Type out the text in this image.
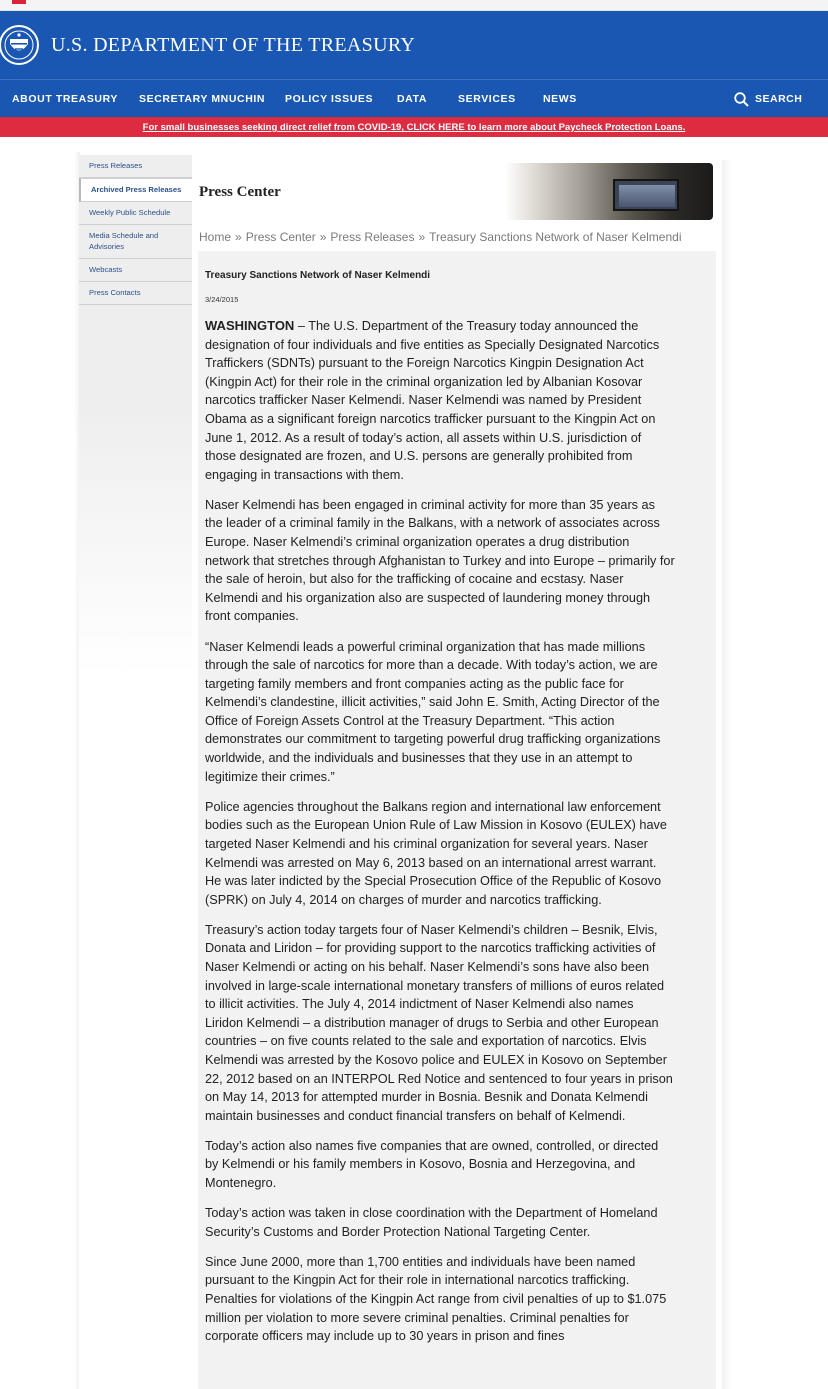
U.S. DEPARTMENT OF THE TREASURY
ABOUT TREASURY SECRETARY MNUCHIN POLICY ISSUES DATA	SERVICES	NEWS	SEARCH
For small businesses seeking direct relief from COVID-19, CLICK HERE to learn more about Paycheck Protection Loans.
Press Releases
Archived Press Releases
Weekly Public Schedule
Media Schedule and Advisories
Webcasts
Press Contacts
Press Center
Home » Press Center » Press Releases » Treasury Sanctions Network of Naser Kelmendi
Treasury Sanctions Network of Naser Kelmendi
3/24/2015

WASHINGTON – The U.S. Department of the Treasury today announced the designation of four individuals and five entities as Specially Designated Narcotics Traffickers (SDNTs) pursuant to the Foreign Narcotics Kingpin Designation Act (Kingpin Act) for their role in the criminal organization led by Albanian Kosovar narcotics trafficker Naser Kelmendi. Naser Kelmendi was named by President Obama as a significant foreign narcotics trafficker pursuant to the Kingpin Act on June 1, 2012. As a result of today’s action, all assets within U.S. jurisdiction of those designated are frozen, and U.S. persons are generally prohibited from engaging in transactions with them.

Naser Kelmendi has been engaged in criminal activity for more than 35 years as the leader of a criminal family in the Balkans, with a network of associates across Europe. Naser Kelmendi’s criminal organization operates a drug distribution network that stretches through Afghanistan to Turkey and into Europe – primarily for the sale of heroin, but also for the trafficking of cocaine and ecstasy. Naser Kelmendi and his organization also are suspected of laundering money through front companies.

“Naser Kelmendi leads a powerful criminal organization that has made millions through the sale of narcotics for more than a decade. With today’s action, we are targeting family members and front companies acting as the public face for Kelmendi’s clandestine, illicit activities,” said John E. Smith, Acting Director of the Office of Foreign Assets Control at the Treasury Department. “This action demonstrates our commitment to targeting powerful drug trafficking organizations worldwide, and the individuals and businesses that they use in an attempt to legitimize their crimes.”

Police agencies throughout the Balkans region and international law enforcement bodies such as the European Union Rule of Law Mission in Kosovo (EULEX) have targeted Naser Kelmendi and his criminal organization for several years. Naser Kelmendi was arrested on May 6, 2013 based on an international arrest warrant. He was later indicted by the Special Prosecution Office of the Republic of Kosovo (SPRK) on July 4, 2014 on charges of murder and narcotics trafficking.

Treasury’s action today targets four of Naser Kelmendi’s children – Besnik, Elvis, Donata and Liridon – for providing support to the narcotics trafficking activities of Naser Kelmendi or acting on his behalf. Naser Kelmendi’s sons have also been involved in large-scale international monetary transfers of millions of euros related to illicit activities. The July 4, 2014 indictment of Naser Kelmendi also names Liridon Kelmendi – a distribution manager of drugs to Serbia and other European countries – on five counts related to the sale and exportation of narcotics. Elvis Kelmendi was arrested by the Kosovo police and EULEX in Kosovo on September 22, 2012 based on an INTERPOL Red Notice and sentenced to four years in prison on May 14, 2013 for attempted murder in Bosnia. Besnik and Donata Kelmendi maintain businesses and conduct financial transfers on behalf of Kelmendi.

Today’s action also names five companies that are owned, controlled, or directed by Kelmendi or his family members in Kosovo, Bosnia and Herzegovina, and Montenegro.

Today’s action was taken in close coordination with the Department of Homeland Security’s Customs and Border Protection National Targeting Center.

Since June 2000, more than 1,700 entities and individuals have been named pursuant to the Kingpin Act for their role in international narcotics trafficking. Penalties for violations of the Kingpin Act range from civil penalties of up to $1.075 million per violation to more severe criminal penalties. Criminal penalties for corporate officers may include up to 30 years in prison and fines
